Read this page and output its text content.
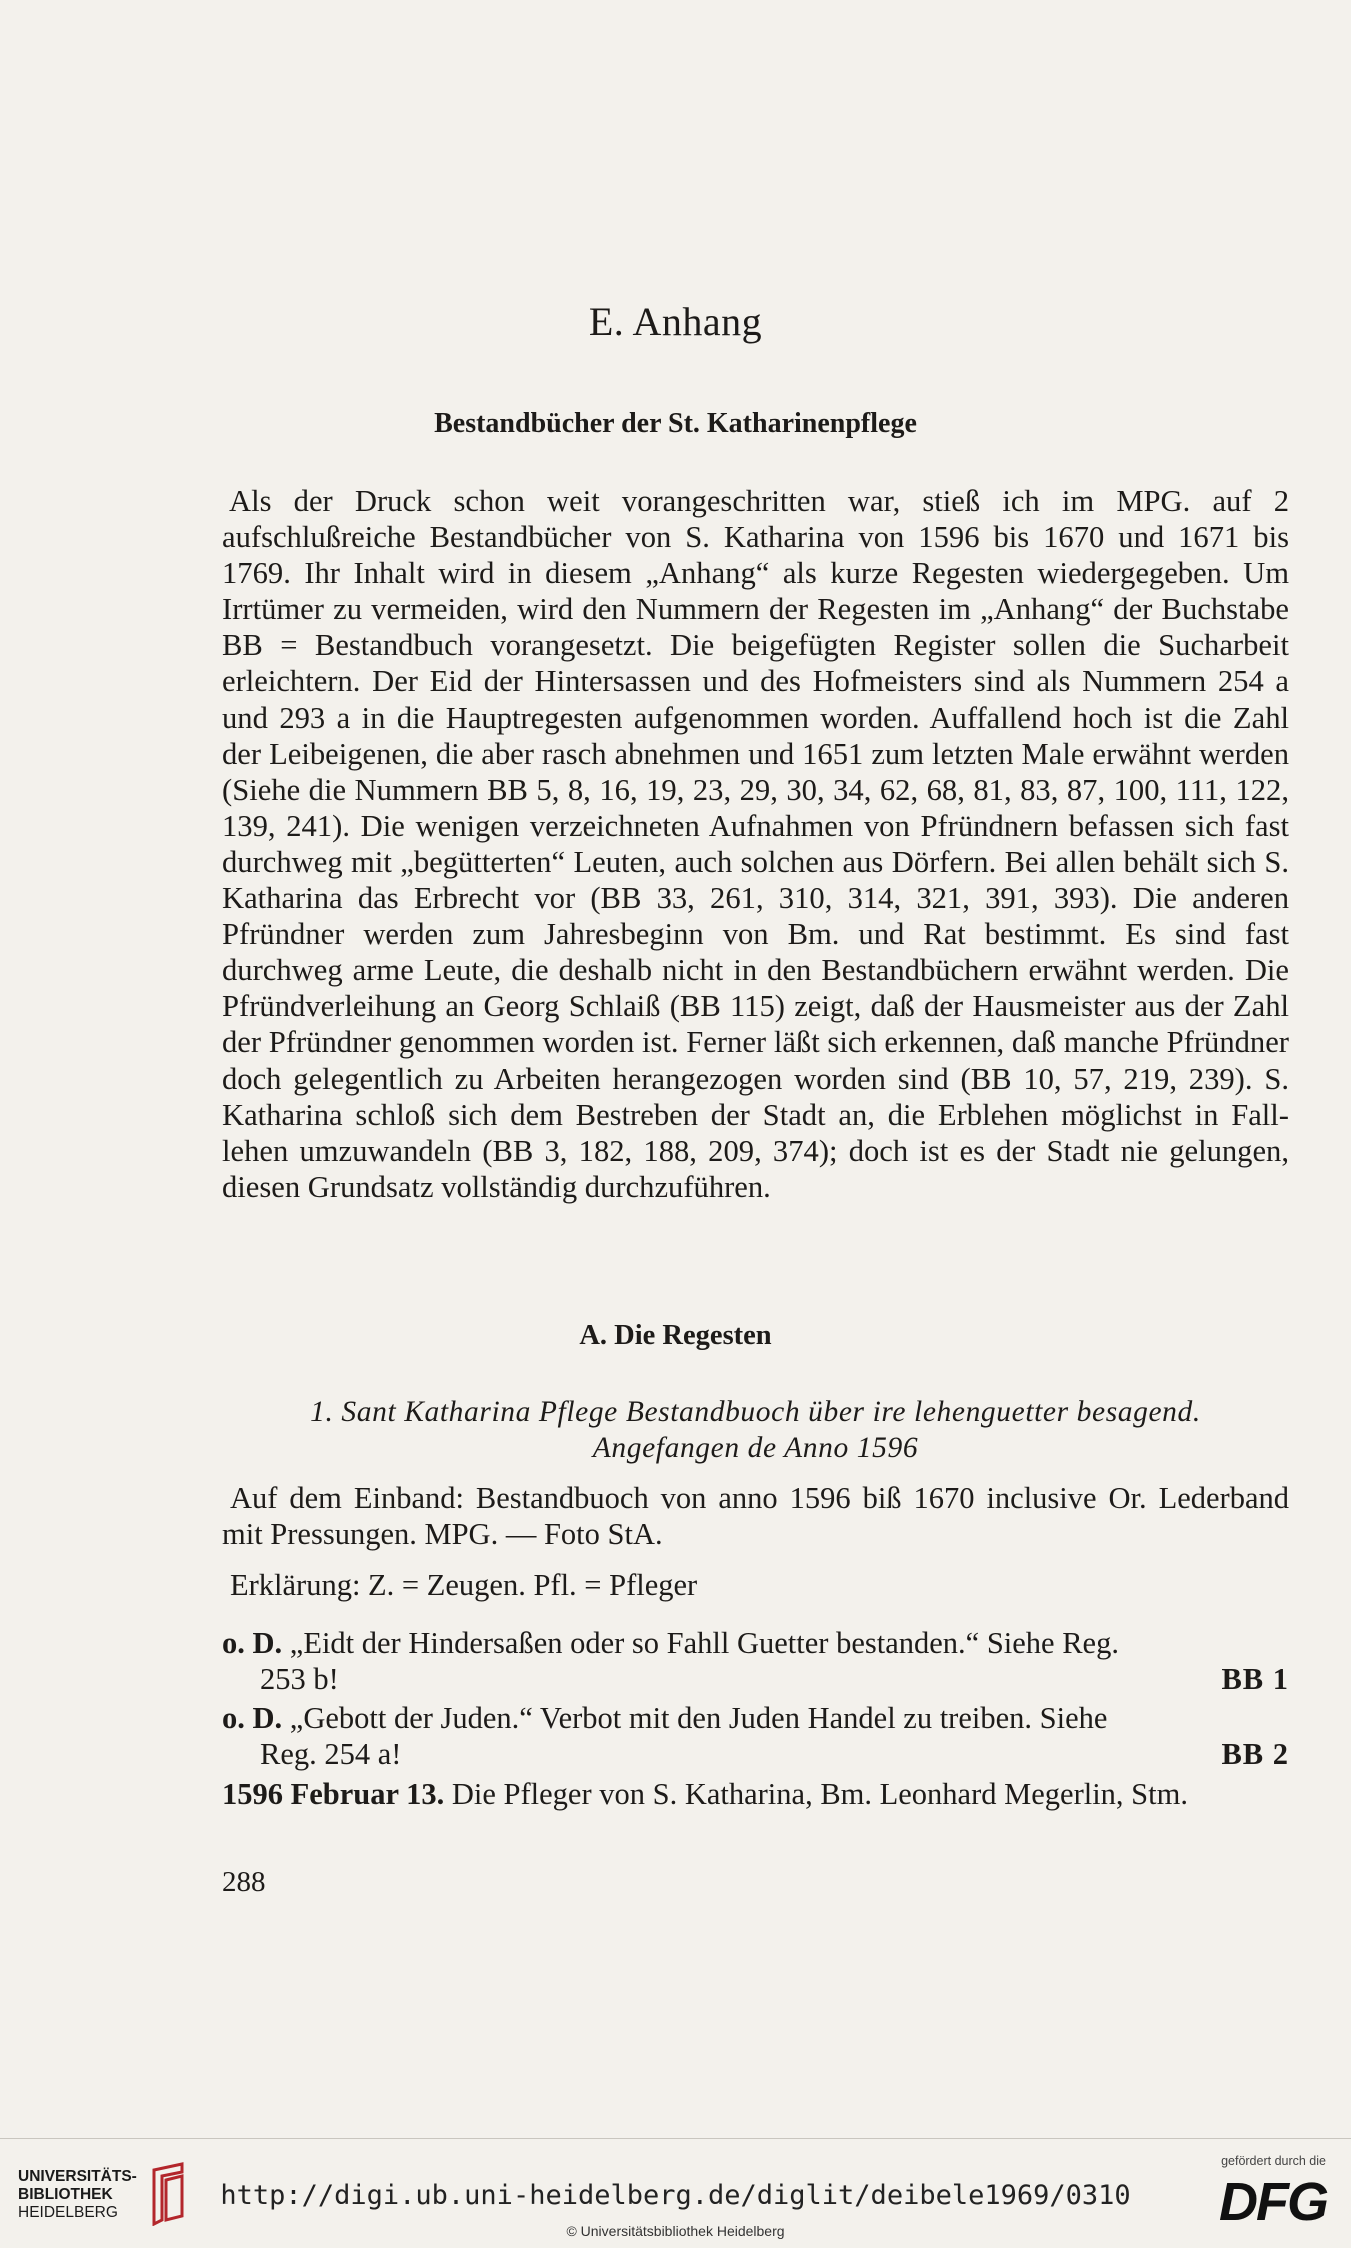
E. Anhang
Bestandbücher der St. Katharinenpflege
Als der Druck schon weit vorangeschritten war, stieß ich im MPG. auf 2 aufschlußreiche Bestandbücher von S. Katharina von 1596 bis 1670 und 1671 bis 1769. Ihr Inhalt wird in diesem „Anhang“ als kurze Regesten wiedergegeben. Um Irrtümer zu vermeiden, wird den Nummern der Regesten im „Anhang“ der Buchstabe BB = Bestandbuch vorangesetzt. Die beigefügten Register sollen die Sucharbeit erleichtern. Der Eid der Hintersassen und des Hofmeisters sind als Nummern 254 a und 293 a in die Hauptregesten aufgenommen worden. Auffallend hoch ist die Zahl der Leibeigenen, die aber rasch abnehmen und 1651 zum letzten Male erwähnt werden (Siehe die Nummern BB 5, 8, 16, 19, 23, 29, 30, 34, 62, 68, 81, 83, 87, 100, 111, 122, 139, 241). Die wenigen verzeichneten Aufnahmen von Pfründnern befassen sich fast durchweg mit „begütterten“ Leuten, auch solchen aus Dörfern. Bei allen behält sich S. Katharina das Erbrecht vor (BB 33, 261, 310, 314, 321, 391, 393). Die anderen Pfründner werden zum Jahresbeginn von Bm. und Rat bestimmt. Es sind fast durchweg arme Leute, die deshalb nicht in den Bestandbüchern erwähnt werden. Die Pfründverleihung an Georg Schlaiß (BB 115) zeigt, daß der Hausmeister aus der Zahl der Pfründner genommen worden ist. Ferner läßt sich erkennen, daß manche Pfründner doch gelegentlich zu Arbeiten herangezogen worden sind (BB 10, 57, 219, 239). S. Katharina schloß sich dem Bestreben der Stadt an, die Erblehen möglichst in Fall-lehen umzuwandeln (BB 3, 182, 188, 209, 374); doch ist es der Stadt nie gelungen, diesen Grundsatz vollständig durchzuführen.
A. Die Regesten
1. Sant Katharina Pflege Bestandbuoch über ire lehenguetter besagend.
Angefangen de Anno 1596
Auf dem Einband: Bestandbuoch von anno 1596 biß 1670 inclusive Or. Lederband mit Pressungen. MPG. — Foto StA.
Erklärung: Z. = Zeugen. Pfl. = Pfleger
o. D. „Eidt der Hindersaßen oder so Fahll Guetter bestanden.“ Siehe Reg.
253 b!	BB 1
o. D. „Gebott der Juden.“ Verbot mit den Juden Handel zu treiben. Siehe
Reg. 254 a!	BB 2
1596 Februar 13. Die Pfleger von S. Katharina, Bm. Leonhard Megerlin, Stm.
288
UNIVERSITÄTS-
BIBLIOTHEK
HEIDELBERG
http://digi.ub.uni-heidelberg.de/diglit/deibele1969/0310
© Universitätsbibliothek Heidelberg
gefördert durch die
DFG
